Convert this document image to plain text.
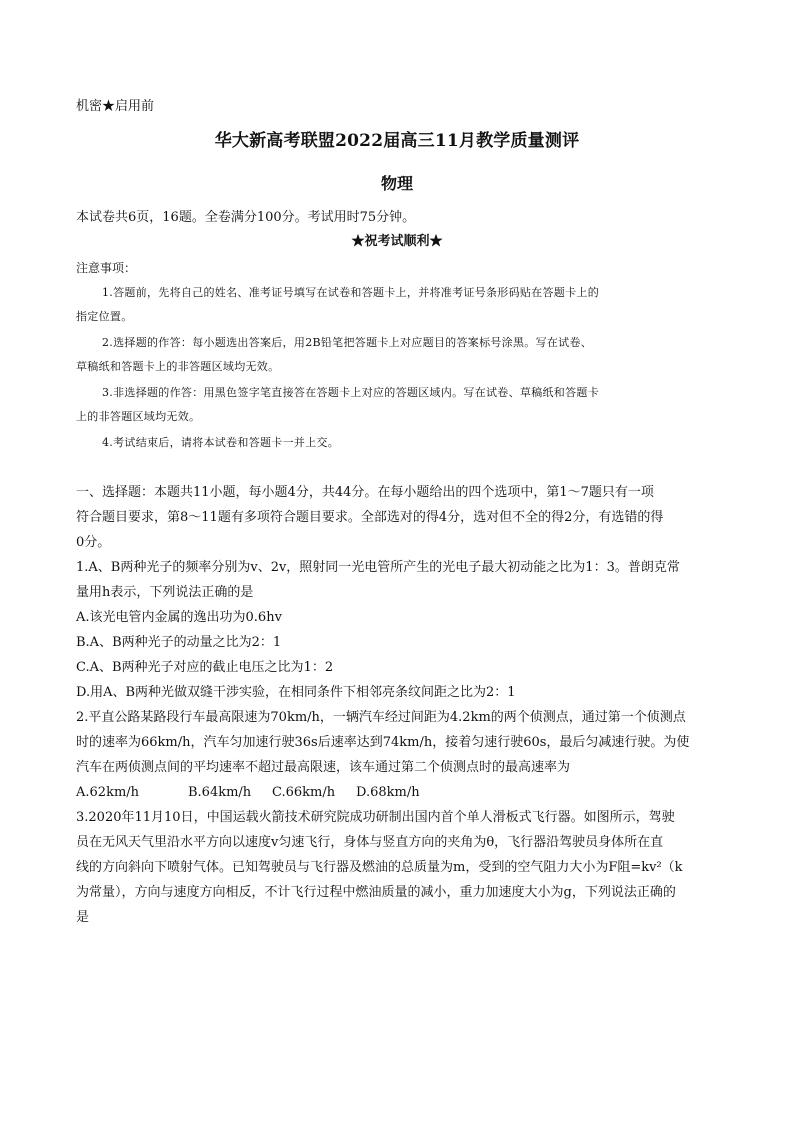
机密★启用前
华大新高考联盟2022届高三11月教学质量测评
物理
本试卷共6页，16题。全卷满分100分。考试用时75分钟。
★祝考试顺利★
注意事项：
1.答题前，先将自己的姓名、准考证号填写在试卷和答题卡上，并将准考证号条形码贴在答题卡上的
指定位置。
2.选择题的作答：每小题选出答案后，用2B铅笔把答题卡上对应题目的答案标号涂黑。写在试卷、
草稿纸和答题卡上的非答题区域均无效。
3.非选择题的作答：用黑色签字笔直接答在答题卡上对应的答题区域内。写在试卷、草稿纸和答题卡
上的非答题区域均无效。
4.考试结束后，请将本试卷和答题卡一并上交。
一、选择题：本题共11小题，每小题4分，共44分。在每小题给出的四个选项中，第1～7题只有一项
符合题目要求，第8～11题有多项符合题目要求。全部选对的得4分，选对但不全的得2分，有选错的得
0分。
1.A、B两种光子的频率分别为v、2v，照射同一光电管所产生的光电子最大初动能之比为1：3。普朗克常
量用h表示，下列说法正确的是
A.该光电管内金属的逸出功为0.6hv
B.A、B两种光子的动量之比为2：1
C.A、B两种光子对应的截止电压之比为1：2
D.用A、B两种光做双缝干涉实验，在相同条件下相邻亮条纹间距之比为2：1
2.平直公路某路段行车最高限速为70km/h，一辆汽车经过间距为4.2km的两个侦测点，通过第一个侦测点
时的速率为66km/h，汽车匀加速行驶36s后速率达到74km/h，接着匀速行驶60s，最后匀减速行驶。为使
汽车在两侦测点间的平均速率不超过最高限速，该车通过第二个侦测点时的最高速率为
A.62km/h	B.64km/h C.66km/h D.68km/h
3.2020年11月10日，中国运载火箭技术研究院成功研制出国内首个单人滑板式飞行器。如图所示，驾驶
员在无风天气里沿水平方向以速度v匀速飞行，身体与竖直方向的夹角为θ，飞行器沿驾驶员身体所在直
线的方向斜向下喷射气体。已知驾驶员与飞行器及燃油的总质量为m，受到的空气阻力大小为F阻=kv²（k
为常量），方向与速度方向相反，不计飞行过程中燃油质量的减小，重力加速度大小为g，下列说法正确的
是
